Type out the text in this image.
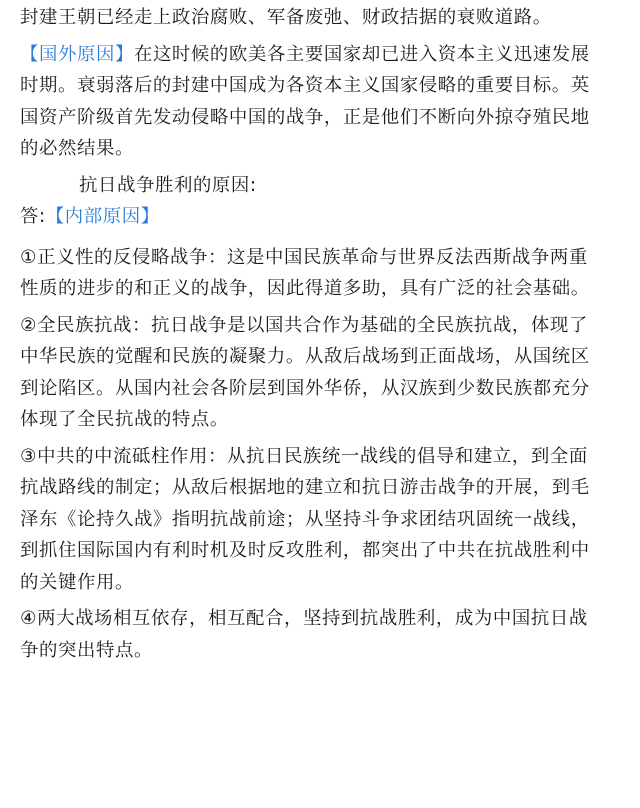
封建王朝已经走上政治腐败、军备废弛、财政拮据的衰败道路。

【国外原因】在这时候的欧美各主要国家却已进入资本主义迅速发展
时期。衰弱落后的封建中国成为各资本主义国家侵略的重要目标。英
国资产阶级首先发动侵略中国的战争，正是他们不断向外掠夺殖民地
的必然结果。

抗日战争胜利的原因:

答:【内部原因】

①正义性的反侵略战争：这是中国民族革命与世界反法西斯战争两重
性质的进步的和正义的战争，因此得道多助，具有广泛的社会基础。

②全民族抗战：抗日战争是以国共合作为基础的全民族抗战，体现了
中华民族的觉醒和民族的凝聚力。从敌后战场到正面战场，从国统区
到论陷区。从国内社会各阶层到国外华侨，从汉族到少数民族都充分
体现了全民抗战的特点。

③中共的中流砥柱作用：从抗日民族统一战线的倡导和建立，到全面
抗战路线的制定；从敌后根据地的建立和抗日游击战争的开展，到毛
泽东《论持久战》指明抗战前途；从坚持斗争求团结巩固统一战线，
到抓住国际国内有利时机及时反攻胜利，都突出了中共在抗战胜利中
的关键作用。

④两大战场相互依存，相互配合，坚持到抗战胜利，成为中国抗日战
争的突出特点。
